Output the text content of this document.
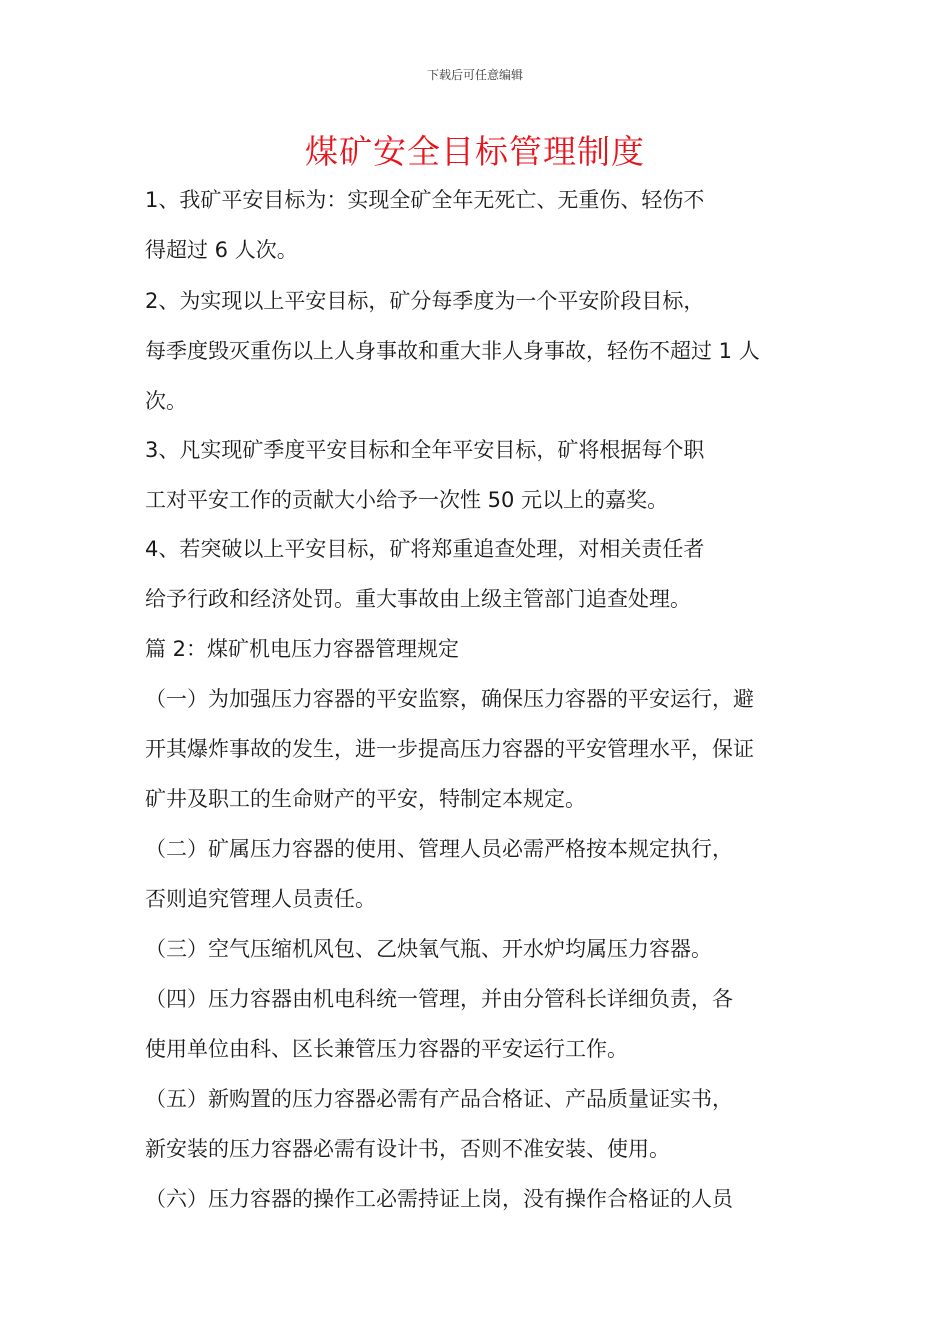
下载后可任意编辑
煤矿安全目标管理制度
1、我矿平安目标为：实现全矿全年无死亡、无重伤、轻伤不
得超过 6 人次。
2、为实现以上平安目标，矿分每季度为一个平安阶段目标，
每季度毁灭重伤以上人身事故和重大非人身事故，轻伤不超过 1 人
次。
3、凡实现矿季度平安目标和全年平安目标，矿将根据每个职
工对平安工作的贡献大小给予一次性 50 元以上的嘉奖。
4、若突破以上平安目标，矿将郑重追查处理，对相关责任者
给予行政和经济处罚。重大事故由上级主管部门追查处理。
篇 2：煤矿机电压力容器管理规定
（一）为加强压力容器的平安监察，确保压力容器的平安运行，避
开其爆炸事故的发生，进一步提高压力容器的平安管理水平，保证
矿井及职工的生命财产的平安，特制定本规定。
（二）矿属压力容器的使用、管理人员必需严格按本规定执行，
否则追究管理人员责任。
（三）空气压缩机风包、乙炔氧气瓶、开水炉均属压力容器。
（四）压力容器由机电科统一管理，并由分管科长详细负责，各
使用单位由科、区长兼管压力容器的平安运行工作。
（五）新购置的压力容器必需有产品合格证、产品质量证实书，
新安装的压力容器必需有设计书，否则不准安装、使用。
（六）压力容器的操作工必需持证上岗，没有操作合格证的人员
